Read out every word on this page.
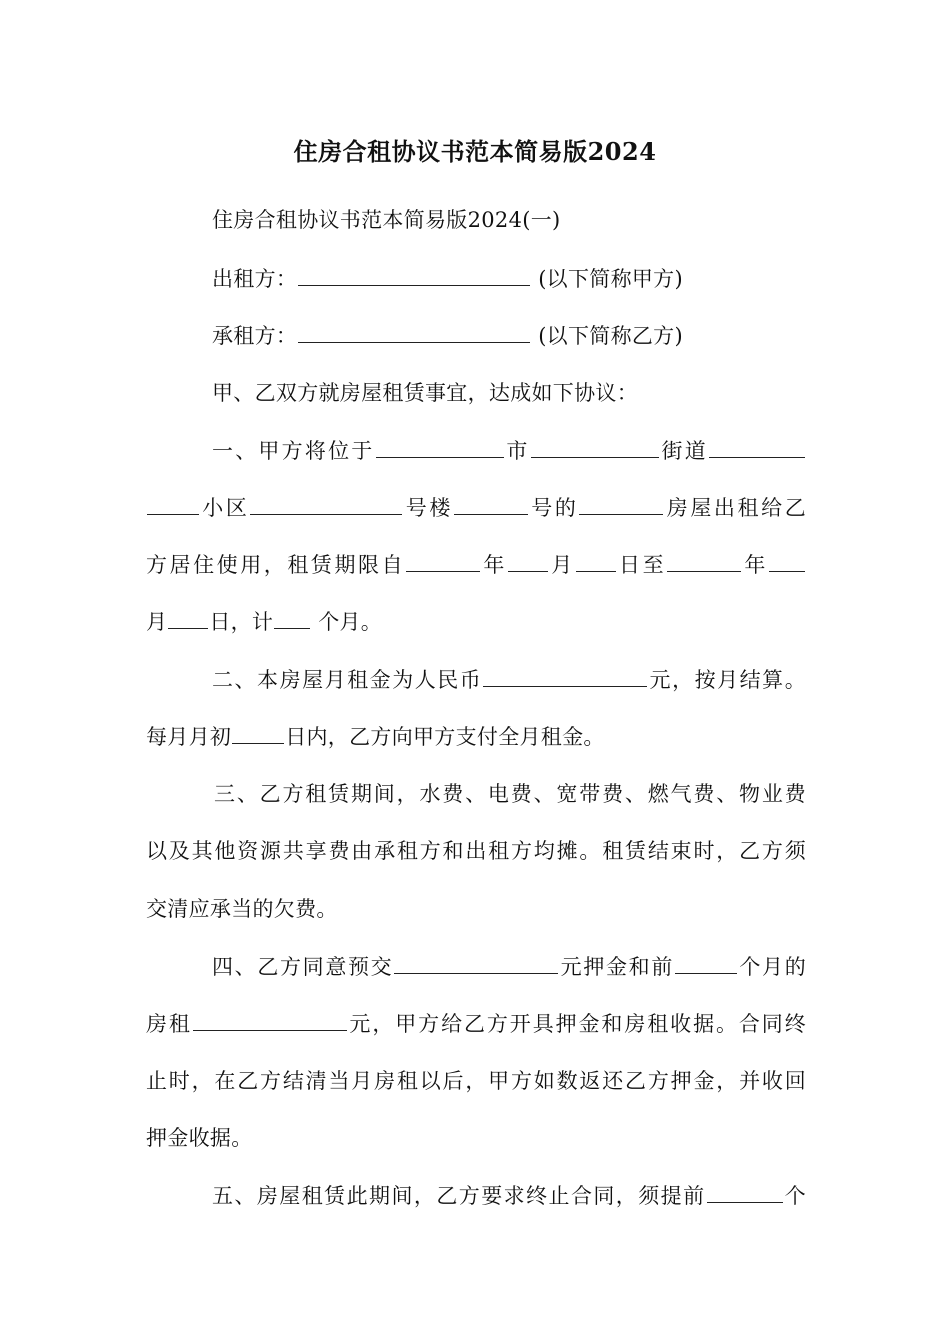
住房合租协议书范本简易版2024
住房合租协议书范本简易版2024(一)
出租方：	(以下简称甲方)
承租方：	(以下简称乙方)
甲、乙双方就房屋租赁事宜，达成如下协议：
一、甲方将位于	市	街道
小区	号楼	号的	房屋出租给乙
方居住使用，租赁期限自	年 月 日至	年
月 日，计 个月。
二、本房屋月租金为人民币	元，按月结算。
每月月初	日内，乙方向甲方支付全月租金。
三、乙方租赁期间，水费、电费、宽带费、燃气费、物业费
以及其他资源共享费由承租方和出租方均摊。租赁结束时，乙方须
交清应承当的欠费。
四、乙方同意预交	元押金和前	个月的
房租	元，甲方给乙方开具押金和房租收据。合同终
止时，在乙方结清当月房租以后，甲方如数返还乙方押金，并收回
押金收据。
五、房屋租赁此期间，乙方要求终止合同，须提前	个
